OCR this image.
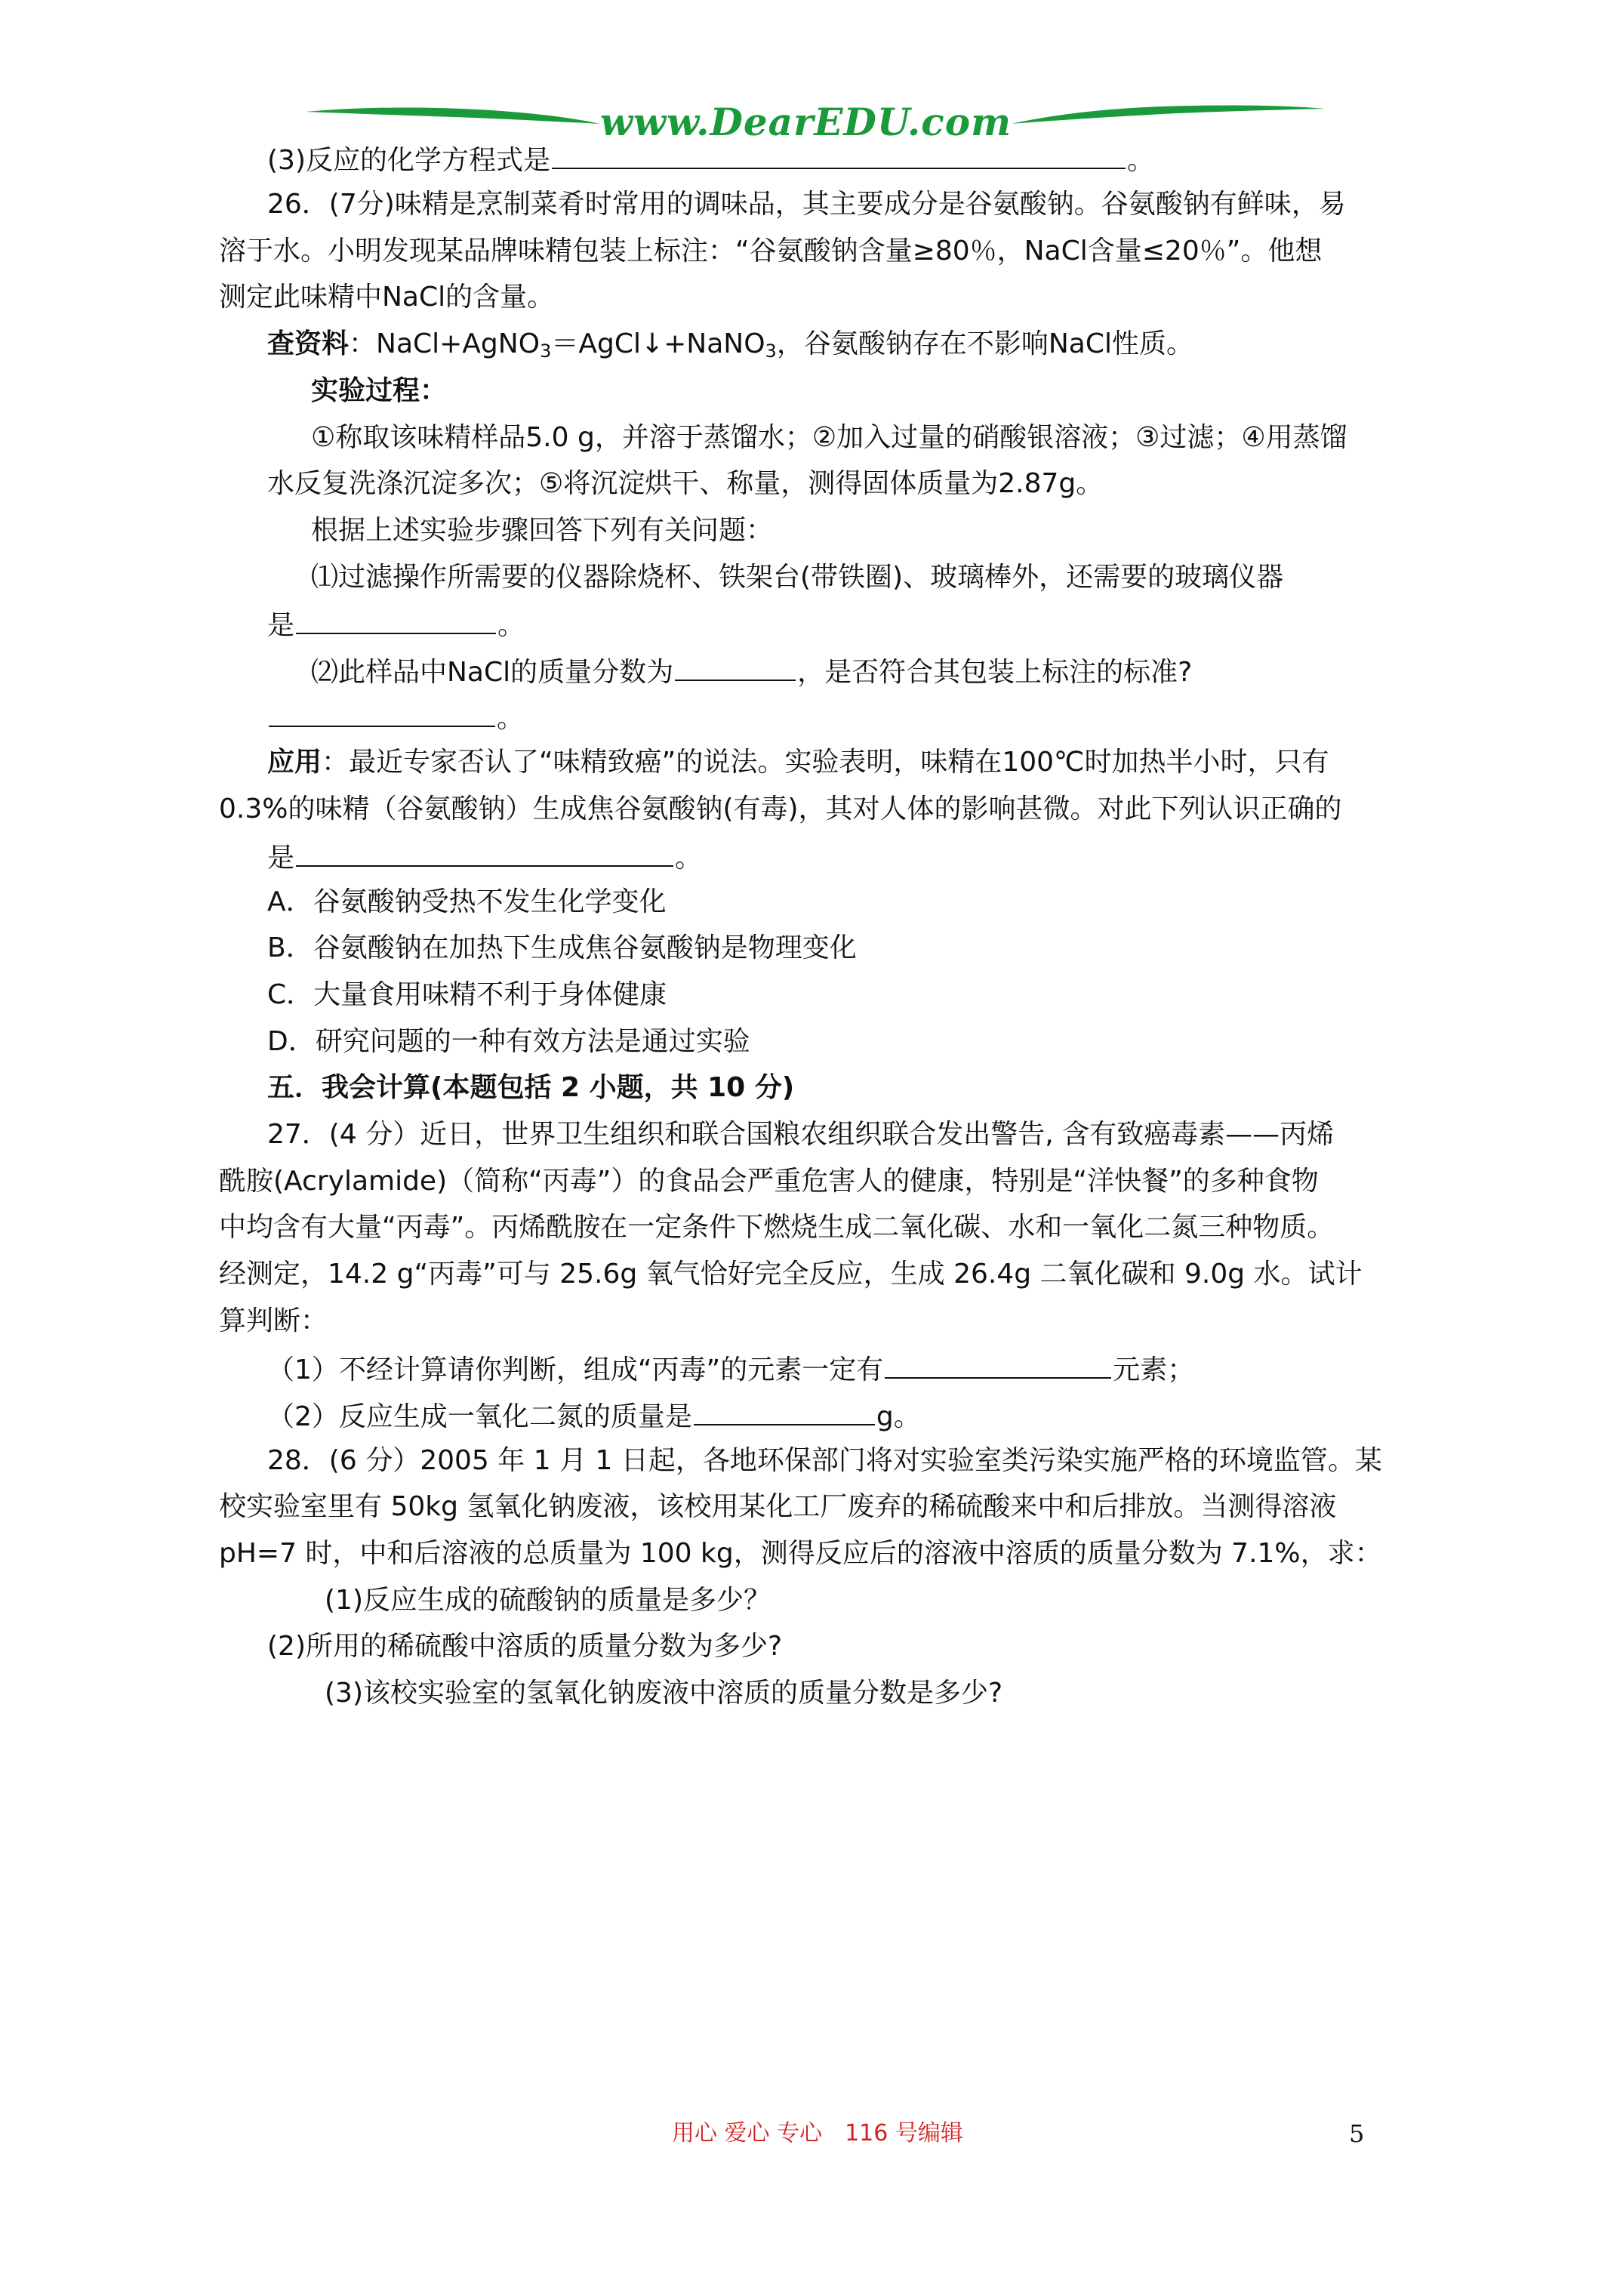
www.DearEDU.com
(3)反应的化学方程式是	。
26．(7分)味精是烹制菜肴时常用的调味品，其主要成分是谷氨酸钠。谷氨酸钠有鲜味，易
溶于水。小明发现某品牌味精包装上标注：“谷氨酸钠含量≥80％，NaCl含量≤20％”。他想
测定此味精中NaCl的含量。
查资料：NaCl+AgNO$_3$＝AgCl↓+NaNO$_3$，谷氨酸钠存在不影响NaCl性质。
实验过程：
①称取该味精样品5.0 g，并溶于蒸馏水；②加入过量的硝酸银溶液；③过滤；④用蒸馏
水反复洗涤沉淀多次；⑤将沉淀烘干、称量，测得固体质量为2.87g。
根据上述实验步骤回答下列有关问题：
⑴过滤操作所需要的仪器除烧杯、铁架台(带铁圈)、玻璃棒外，还需要的玻璃仪器
是	。
⑵此样品中NaCl的质量分数为	，是否符合其包装上标注的标准?
。
应用：最近专家否认了“味精致癌”的说法。实验表明，味精在100℃时加热半小时，只有
0.3%的味精（谷氨酸钠）生成焦谷氨酸钠(有毒)，其对人体的影响甚微。对此下列认识正确的
是	。
A．谷氨酸钠受热不发生化学变化
B．谷氨酸钠在加热下生成焦谷氨酸钠是物理变化
C．大量食用味精不利于身体健康
D．研究问题的一种有效方法是通过实验
五．我会计算(本题包括 2 小题，共 10 分)
27．(4 分）近日，世界卫生组织和联合国粮农组织联合发出警告, 含有致癌毒素——丙烯
酰胺(Acrylamide)（简称“丙毒”）的食品会严重危害人的健康，特别是“洋快餐”的多种食物
中均含有大量“丙毒”。丙烯酰胺在一定条件下燃烧生成二氧化碳、水和一氧化二氮三种物质。
经测定，14.2 g“丙毒”可与 25.6g 氧气恰好完全反应，生成 26.4g 二氧化碳和 9.0g 水。试计
算判断：
（1）不经计算请你判断，组成“丙毒”的元素一定有	元素；
（2）反应生成一氧化二氮的质量是	g。
28．(6 分）2005 年 1 月 1 日起，各地环保部门将对实验室类污染实施严格的环境监管。某
校实验室里有 50kg 氢氧化钠废液，该校用某化工厂废弃的稀硫酸来中和后排放。当测得溶液
pH=7 时，中和后溶液的总质量为 100 kg，测得反应后的溶液中溶质的质量分数为 7.1%，求：
(1)反应生成的硫酸钠的质量是多少？
(2)所用的稀硫酸中溶质的质量分数为多少?
(3)该校实验室的氢氧化钠废液中溶质的质量分数是多少?
用心 爱心 专心　116 号编辑	5
